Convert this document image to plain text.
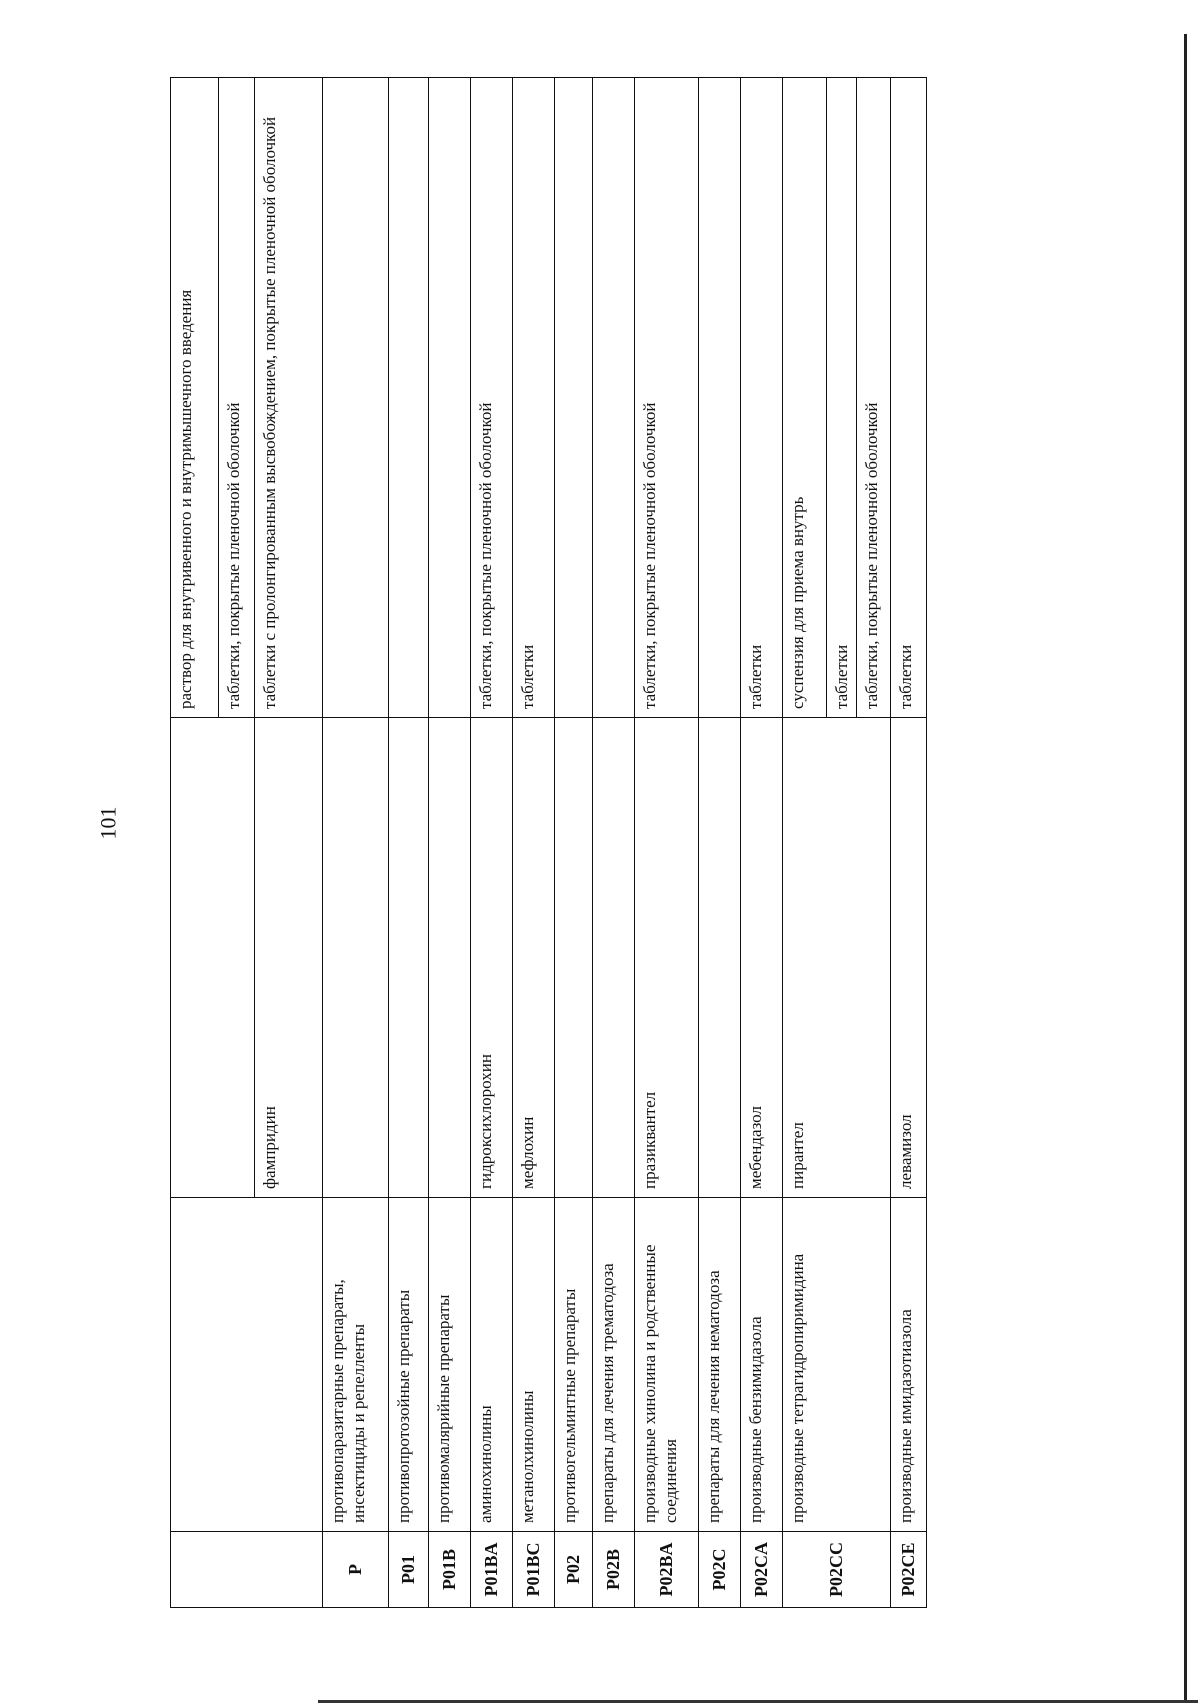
101
			раствор для внутривенного и внутримышечного введения
			таблетки, покрытые пленочной оболочкой
		фампридин	таблетки с пролонгированным высвобождением, покрытые пленочной оболочкой
P	противопаразитарные препараты, инсектициды и репелленты		
P01	противопротозойные препараты		
P01B	противомалярийные препараты		
P01BA	аминохинолины	гидроксихлорохин	таблетки, покрытые пленочной оболочкой
P01BC	метанолхинолины	мефлохин	таблетки
P02	противогельминтные препараты		
P02B	препараты для лечения трематодоза		
P02BA	производные хинолина и родственные соединения	празиквантел	таблетки, покрытые пленочной оболочкой
P02C	препараты для лечения нематодоза		
P02CA	производные бензимидазола	мебендазол	таблетки
P02CC	производные тетрагидропиримидина	пирантел	суспензия для приема внутрь
			таблетки
			таблетки, покрытые пленочной оболочкой
P02CE	производные имидазотиазола	левамизол	таблетки
